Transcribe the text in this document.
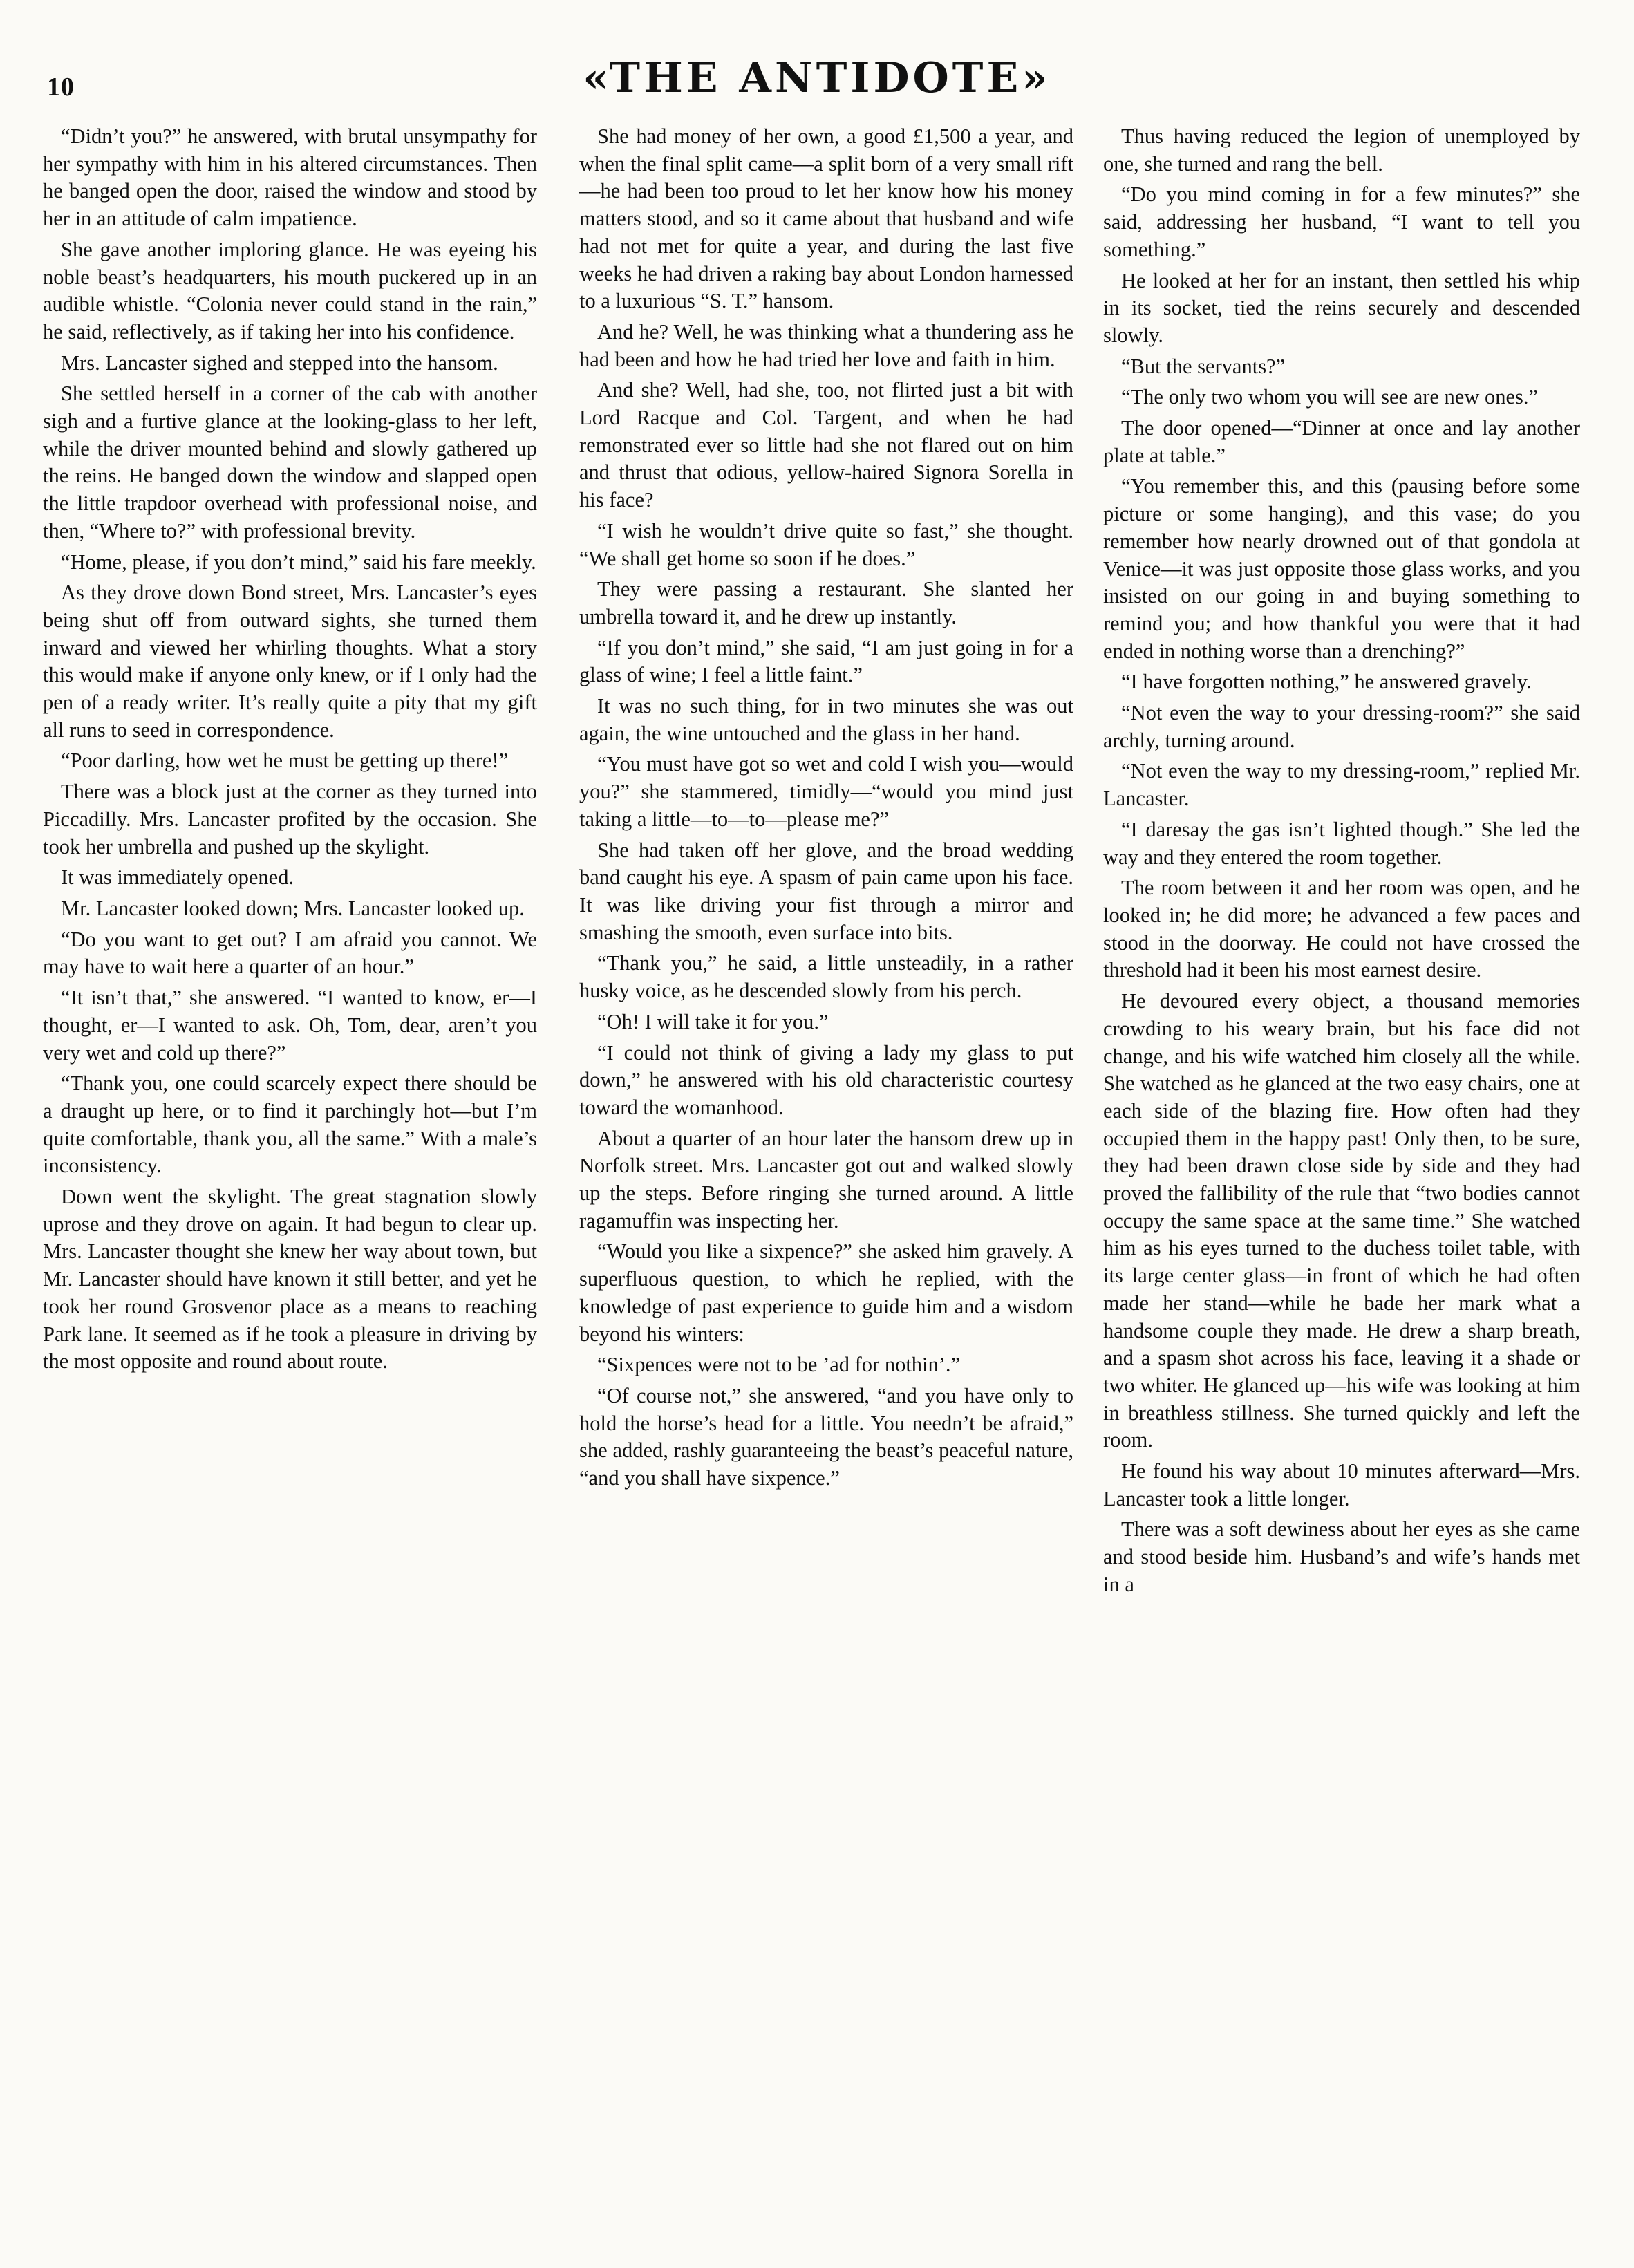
10	«THE ANTIDOTE»

“Didn’t you?” he answered, with brutal unsympathy for her sympathy with him in his altered circumstances. Then he banged open the door, raised the window and stood by her in an attitude of calm impatience.

She gave another imploring glance. He was eyeing his noble beast’s headquarters, his mouth puckered up in an audible whistle. “Colonia never could stand in the rain,” he said, reflectively, as if taking her into his confidence.

Mrs. Lancaster sighed and stepped into the hansom.

She settled herself in a corner of the cab with another sigh and a furtive glance at the looking-glass to her left, while the driver mounted behind and slowly gathered up the reins. He banged down the window and slapped open the little trapdoor overhead with professional noise, and then, “Where to?” with professional brevity.

“Home, please, if you don’t mind,” said his fare meekly.

As they drove down Bond street, Mrs. Lancaster’s eyes being shut off from outward sights, she turned them inward and viewed her whirling thoughts. What a story this would make if anyone only knew, or if I only had the pen of a ready writer. It’s really quite a pity that my gift all runs to seed in correspondence.

“Poor darling, how wet he must be getting up there!”

There was a block just at the corner as they turned into Piccadilly. Mrs. Lancaster profited by the occasion. She took her umbrella and pushed up the skylight.

It was immediately opened.

Mr. Lancaster looked down; Mrs. Lancaster looked up.

“Do you want to get out? I am afraid you cannot. We may have to wait here a quarter of an hour.”

“It isn’t that,” she answered. “I wanted to know, er—I thought, er—I wanted to ask. Oh, Tom, dear, aren’t you very wet and cold up there?”

“Thank you, one could scarcely expect there should be a draught up here, or to find it parchingly hot—but I’m quite comfortable, thank you, all the same.” With a male’s inconsistency.

Down went the skylight. The great stagnation slowly uprose and they drove on again. It had begun to clear up. Mrs. Lancaster thought she knew her way about town, but Mr. Lancaster should have known it still better, and yet he took her round Grosvenor place as a means to reaching Park lane. It seemed as if he took a pleasure in driving by the most opposite and round about route.

She had money of her own, a good £1,500 a year, and when the final split came—a split born of a very small rift—he had been too proud to let her know how his money matters stood, and so it came about that husband and wife had not met for quite a year, and during the last five weeks he had driven a raking bay about London harnessed to a luxurious “S. T.” hansom.

And he? Well, he was thinking what a thundering ass he had been and how he had tried her love and faith in him.

And she? Well, had she, too, not flirted just a bit with Lord Racque and Col. Targent, and when he had remonstrated ever so little had she not flared out on him and thrust that odious, yellow-haired Signora Sorella in his face?

“I wish he wouldn’t drive quite so fast,” she thought. “We shall get home so soon if he does.”

They were passing a restaurant. She slanted her umbrella toward it, and he drew up instantly.

“If you don’t mind,” she said, “I am just going in for a glass of wine; I feel a little faint.”

It was no such thing, for in two minutes she was out again, the wine untouched and the glass in her hand.

“You must have got so wet and cold I wish you—would you?” she stammered, timidly—“would you mind just taking a little—to—to—please me?”

She had taken off her glove, and the broad wedding band caught his eye. A spasm of pain came upon his face. It was like driving your fist through a mirror and smashing the smooth, even surface into bits.

“Thank you,” he said, a little unsteadily, in a rather husky voice, as he descended slowly from his perch.

“Oh! I will take it for you.”

“I could not think of giving a lady my glass to put down,” he answered with his old characteristic courtesy toward the womanhood.

About a quarter of an hour later the hansom drew up in Norfolk street. Mrs. Lancaster got out and walked slowly up the steps. Before ringing she turned around. A little ragamuffin was inspecting her.

“Would you like a sixpence?” she asked him gravely. A superfluous question, to which he replied, with the knowledge of past experience to guide him and a wisdom beyond his winters:

“Sixpences were not to be ’ad for nothin’.”

“Of course not,” she answered, “and you have only to hold the horse’s head for a little. You needn’t be afraid,” she added, rashly guaranteeing the beast’s peaceful nature, “and you shall have sixpence.”

Thus having reduced the legion of unemployed by one, she turned and rang the bell.

“Do you mind coming in for a few minutes?” she said, addressing her husband, “I want to tell you something.”

He looked at her for an instant, then settled his whip in its socket, tied the reins securely and descended slowly.

“But the servants?”

“The only two whom you will see are new ones.”

The door opened—“Dinner at once and lay another plate at table.”

“You remember this, and this (pausing before some picture or some hanging), and this vase; do you remember how nearly drowned out of that gondola at Venice—it was just opposite those glass works, and you insisted on our going in and buying something to remind you; and how thankful you were that it had ended in nothing worse than a drenching?”

“I have forgotten nothing,” he answered gravely.

“Not even the way to your dressing-room?” she said archly, turning around.

“Not even the way to my dressing-room,” replied Mr. Lancaster.

“I daresay the gas isn’t lighted though.” She led the way and they entered the room together.

The room between it and her room was open, and he looked in; he did more; he advanced a few paces and stood in the doorway. He could not have crossed the threshold had it been his most earnest desire.

He devoured every object, a thousand memories crowding to his weary brain, but his face did not change, and his wife watched him closely all the while. She watched as he glanced at the two easy chairs, one at each side of the blazing fire. How often had they occupied them in the happy past! Only then, to be sure, they had been drawn close side by side and they had proved the fallibility of the rule that “two bodies cannot occupy the same space at the same time.” She watched him as his eyes turned to the duchess toilet table, with its large center glass—in front of which he had often made her stand—while he bade her mark what a handsome couple they made. He drew a sharp breath, and a spasm shot across his face, leaving it a shade or two whiter. He glanced up—his wife was looking at him in breathless stillness. She turned quickly and left the room.

He found his way about 10 minutes afterward—Mrs. Lancaster took a little longer.

There was a soft dewiness about her eyes as she came and stood beside him. Husband’s and wife’s hands met in a
